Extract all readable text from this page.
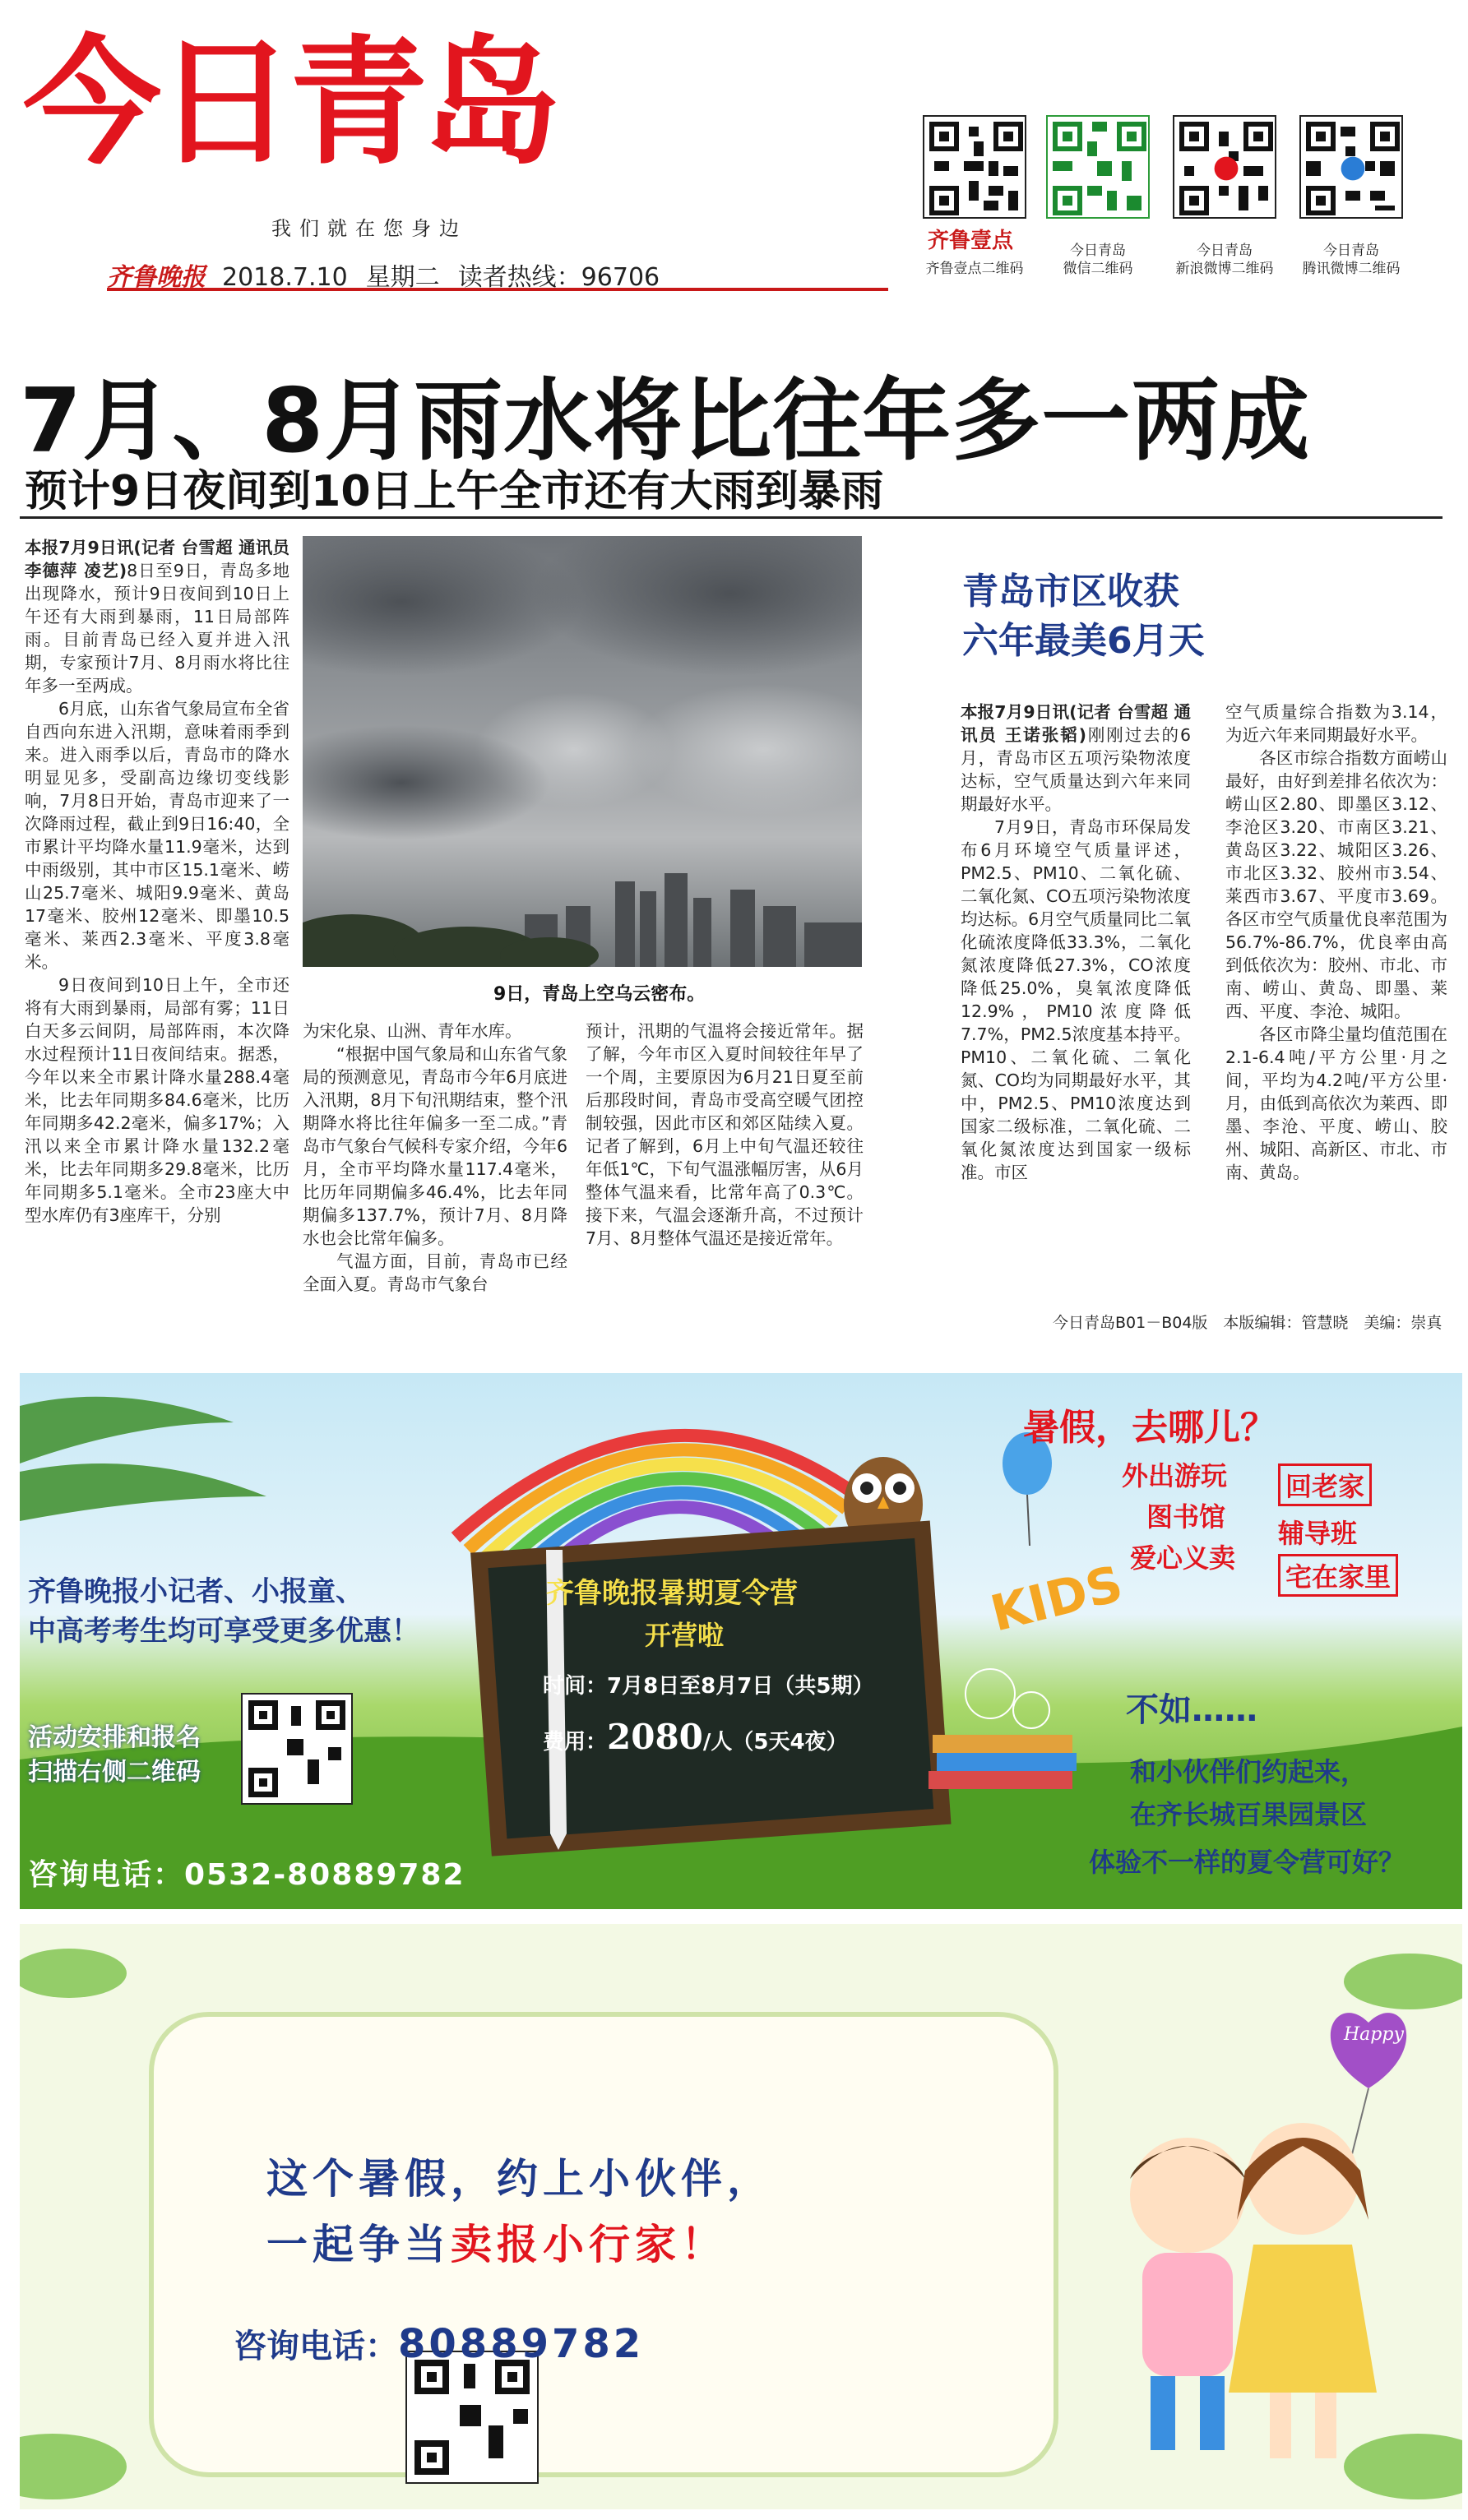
今日青岛
我们就在您身边
齐鲁晚报 2018.7.10 星期二 读者热线：96706
齐鲁壹点
齐鲁壹点二维码
今日青岛
微信二维码
今日青岛
新浪微博二维码
今日青岛
腾讯微博二维码
7月、8月雨水将比往年多一两成
预计9日夜间到10日上午全市还有大雨到暴雨

本报7月9日讯(记者 台雪超 通讯员 李德萍 凌艺)8日至9日，青岛多地出现降水，预计9日夜间到10日上午还有大雨到暴雨，11日局部阵雨。目前青岛已经入夏并进入汛期，专家预计7月、8月雨水将比往年多一至两成。

6月底，山东省气象局宣布全省自西向东进入汛期，意味着雨季到来。进入雨季以后，青岛市的降水明显见多，受副高边缘切变线影响，7月8日开始，青岛市迎来了一次降雨过程，截止到9日16:40，全市累计平均降水量11.9毫米，达到中雨级别，其中市区15.1毫米、崂山25.7毫米、城阳9.9毫米、黄岛17毫米、胶州12毫米、即墨10.5毫米、莱西2.3毫米、平度3.8毫米。

9日夜间到10日上午，全市还将有大雨到暴雨，局部有雾；11日白天多云间阴，局部阵雨，本次降水过程预计11日夜间结束。据悉，今年以来全市累计降水量288.4毫米，比去年同期多84.6毫米，比历年同期多42.2毫米，偏多17%；入汛以来全市累计降水量132.2毫米，比去年同期多29.8毫米，比历年同期多5.1毫米。全市23座大中型水库仍有3座库干，分别

9日，青岛上空乌云密布。

为宋化泉、山洲、青年水库。

“根据中国气象局和山东省气象局的预测意见，青岛市今年6月底进入汛期，8月下旬汛期结束，整个汛期降水将比往年偏多一至二成。”青岛市气象台气候科专家介绍，今年6月，全市平均降水量117.4毫米，比历年同期偏多46.4%，比去年同期偏多137.7%，预计7月、8月降水也会比常年偏多。

气温方面，目前，青岛市已经全面入夏。青岛市气象台

预计，汛期的气温将会接近常年。据了解，今年市区入夏时间较往年早了一个周，主要原因为6月21日夏至前后那段时间，青岛市受高空暖气团控制较强，因此市区和郊区陆续入夏。记者了解到，6月上中旬气温还较往年低1℃，下旬气温涨幅厉害，从6月整体气温来看，比常年高了0.3℃。接下来，气温会逐渐升高，不过预计7月、8月整体气温还是接近常年。

青岛市区收获
六年最美6月天

本报7月9日讯(记者 台雪超 通讯员 王诺张韬)刚刚过去的6月，青岛市区五项污染物浓度达标，空气质量达到六年来同期最好水平。

7月9日，青岛市环保局发布6月环境空气质量评述，PM2.5、PM10、二氧化硫、二氧化氮、CO五项污染物浓度均达标。6月空气质量同比二氧化硫浓度降低33.3%，二氧化氮浓度降低27.3%，CO浓度降低25.0%，臭氧浓度降低12.9%，PM10浓度降低7.7%，PM2.5浓度基本持平。PM10、二氧化硫、二氧化氮、CO均为同期最好水平，其中，PM2.5、PM10浓度达到国家二级标准，二氧化硫、二氧化氮浓度达到国家一级标准。市区

空气质量综合指数为3.14，为近六年来同期最好水平。

各区市综合指数方面崂山最好，由好到差排名依次为：崂山区2.80、即墨区3.12、李沧区3.20、市南区3.21、黄岛区3.22、城阳区3.26、市北区3.32、胶州市3.54、莱西市3.67、平度市3.69。各区市空气质量优良率范围为56.7%-86.7%，优良率由高到低依次为：胶州、市北、市南、崂山、黄岛、即墨、莱西、平度、李沧、城阳。

各区市降尘量均值范围在2.1-6.4吨/平方公里·月之间，平均为4.2吨/平方公里·月，由低到高依次为莱西、即墨、李沧、平度、崂山、胶州、城阳、高新区、市北、市南、黄岛。

今日青岛B01－B04版　本版编辑：管慧晓　美编：崇真
暑假，去哪儿？
外出游玩
图书馆
爱心义卖
回老家
辅导班
宅在家里
齐鲁晚报小记者、小报童、
中高考考生均可享受更多优惠！
活动安排和报名
扫描右侧二维码
咨询电话：0532-80889782
齐鲁晚报暑期夏令营
开营啦
时间：7月8日至8月7日（共5期）
费用：2080/人（5天4夜）
KIDS
不如……
和小伙伴们约起来，
在齐长城百果园景区
体验不一样的夏令营可好？
这个暑假，约上小伙伴，
一起争当卖报小行家！
咨询电话：80889782
Happy
